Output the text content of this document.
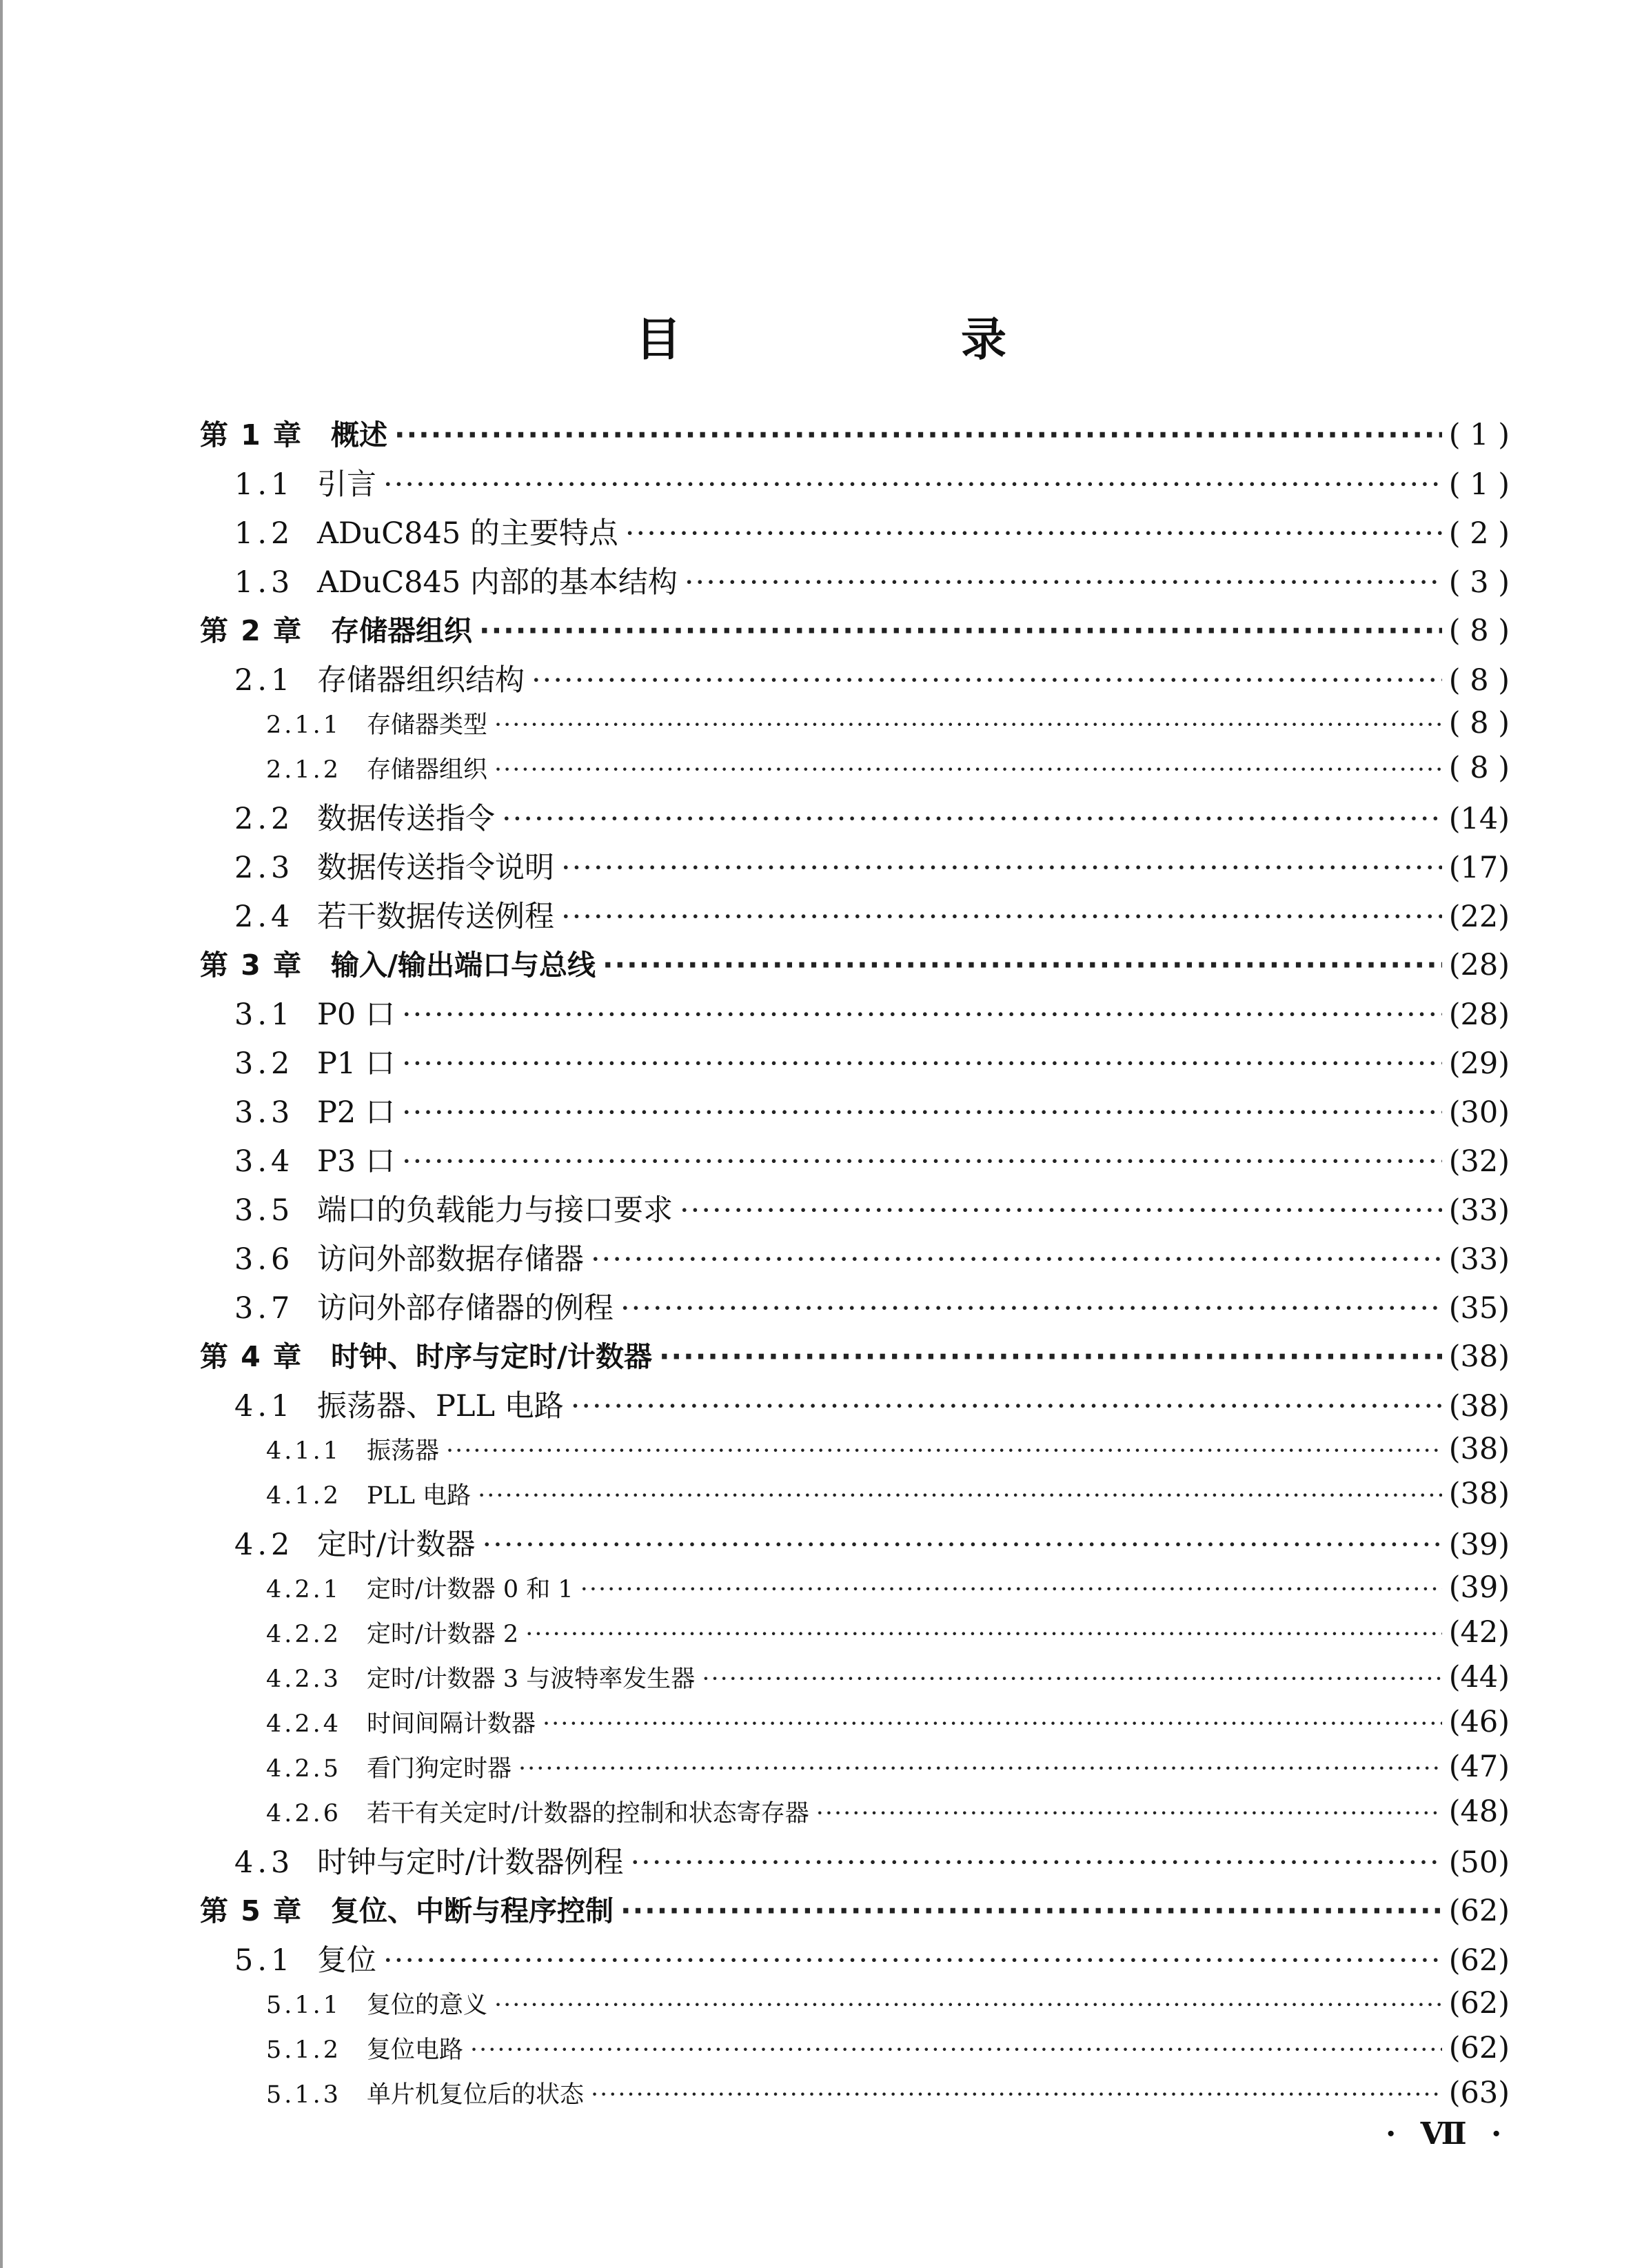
目　录
第 1 章 概述 ·····	( 1 )
1.1 引言 ·····	( 1 )
1.2 ADuC845 的主要特点 ·····	( 2 )
1.3 ADuC845 内部的基本结构 ·····	( 3 )
第 2 章 存储器组织 ·····	( 8 )
2.1 存储器组织结构 ·····	( 8 )
2.1.1	存储器类型 ·····	( 8 )
2.1.2	存储器组织 ·····	( 8 )
2.2 数据传送指令 ·····	(14)
2.3 数据传送指令说明 ·····	(17)
2.4 若干数据传送例程 ·····	(22)
第 3 章 输入/输出端口与总线 ·····	(28)
3.1 P0 口 ·····	(28)
3.2 P1 口 ·····	(29)
3.3 P2 口 ·····	(30)
3.4 P3 口 ·····	(32)
3.5 端口的负载能力与接口要求 ·····	(33)
3.6 访问外部数据存储器 ·····	(33)
3.7 访问外部存储器的例程 ·····	(35)
第 4 章 时钟、时序与定时/计数器 ·····	(38)
4.1 振荡器、PLL 电路 ·····	(38)
4.1.1	振荡器 ·····	(38)
4.1.2	PLL 电路 ·····	(38)
4.2 定时/计数器 ·····	(39)
4.2.1	定时/计数器 0 和 1 ·····	(39)
4.2.2	定时/计数器 2 ·····	(42)
4.2.3	定时/计数器 3 与波特率发生器 ·····	(44)
4.2.4	时间间隔计数器 ·····	(46)
4.2.5	看门狗定时器 ·····	(47)
4.2.6	若干有关定时/计数器的控制和状态寄存器 ·····	(48)
4.3 时钟与定时/计数器例程 ·····	(50)
第 5 章 复位、中断与程序控制 ·····	(62)
5.1 复位 ·····	(62)
5.1.1	复位的意义 ·····	(62)
5.1.2	复位电路 ·····	(62)
5.1.3	单片机复位后的状态 ·····	(63)
· Ⅶ ·
